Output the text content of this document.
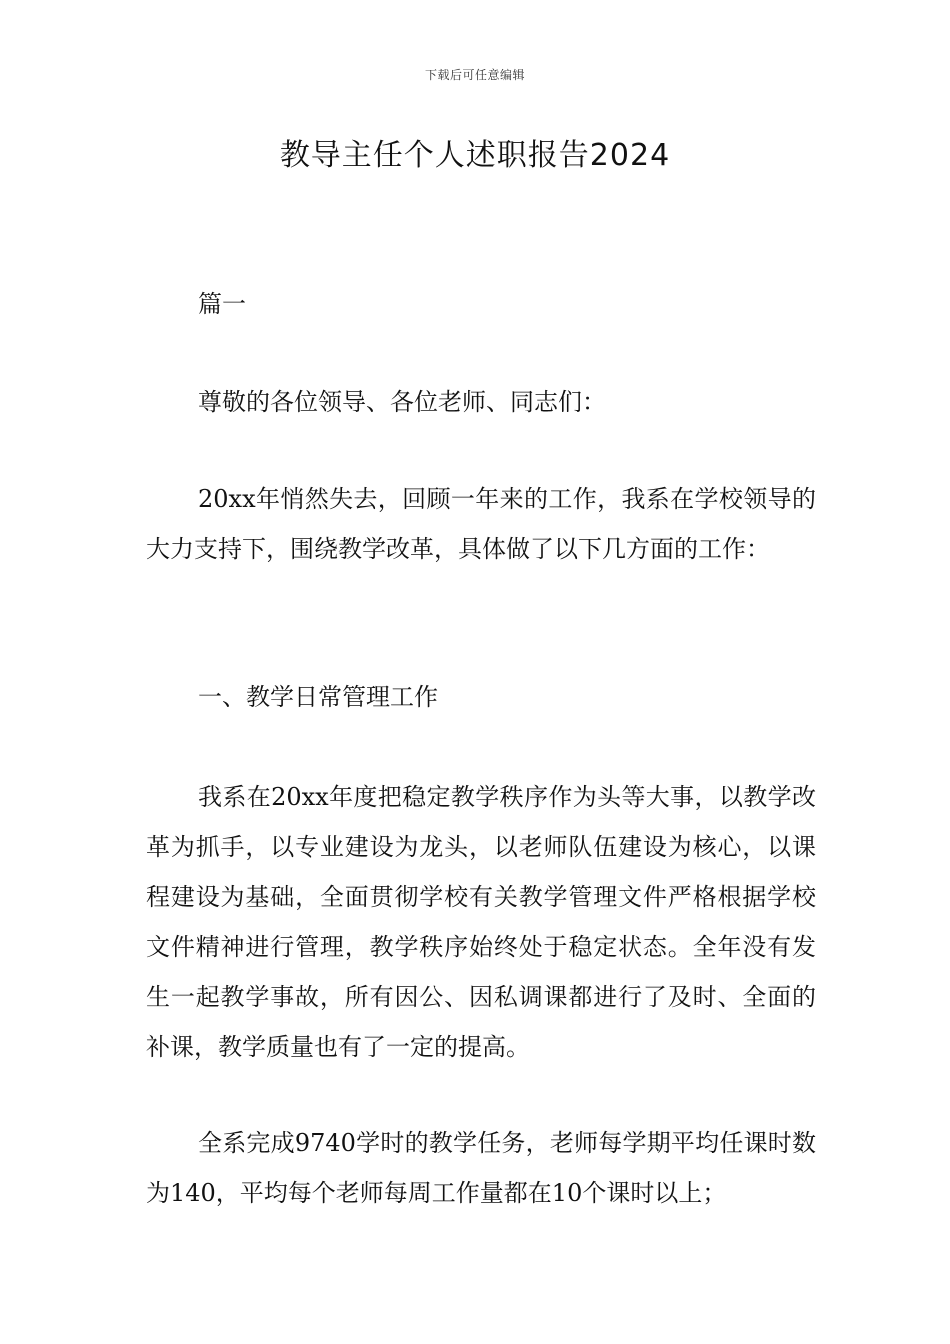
下载后可任意编辑
教导主任个人述职报告2024

篇一

尊敬的各位领导、各位老师、同志们：

20xx年悄然失去，回顾一年来的工作，我系在学校领导的大力支持下，围绕教学改革，具体做了以下几方面的工作：

一、教学日常管理工作

我系在20xx年度把稳定教学秩序作为头等大事，以教学改革为抓手，以专业建设为龙头，以老师队伍建设为核心，以课程建设为基础，全面贯彻学校有关教学管理文件严格根据学校文件精神进行管理，教学秩序始终处于稳定状态。全年没有发生一起教学事故，所有因公、因私调课都进行了及时、全面的补课，教学质量也有了一定的提高。

全系完成9740学时的教学任务，老师每学期平均任课时数为140，平均每个老师每周工作量都在10个课时以上；
